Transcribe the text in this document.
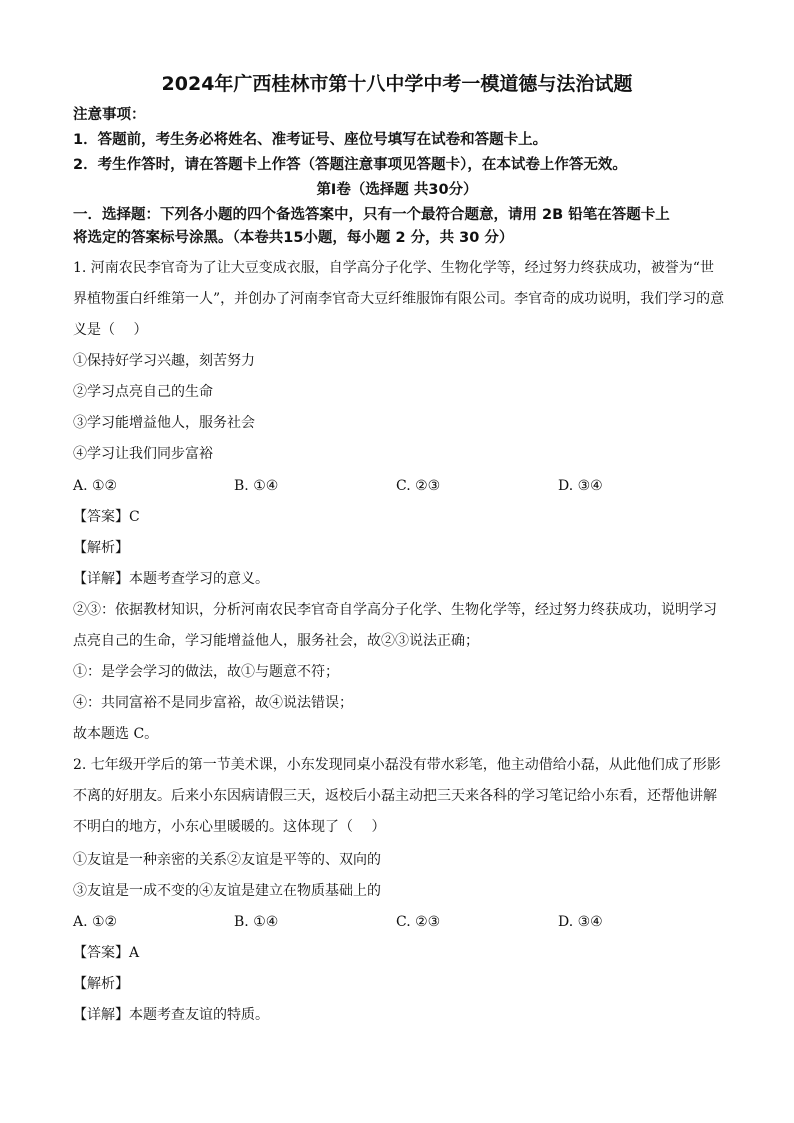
2024年广西桂林市第十八中学中考一模道德与法治试题
注意事项：
1．答题前，考生务必将姓名、准考证号、座位号填写在试卷和答题卡上。
2．考生作答时，请在答题卡上作答（答题注意事项见答题卡），在本试卷上作答无效。
第Ⅰ卷（选择题 共30分）
一．选择题：下列各小题的四个备选答案中，只有一个最符合题意，请用 2B 铅笔在答题卡上
将选定的答案标号涂黑。（本卷共15小题，每小题 2 分，共 30 分）
1. 河南农民李官奇为了让大豆变成衣服，自学高分子化学、生物化学等，经过努力终获成功，被誉为“世
界植物蛋白纤维第一人”，并创办了河南李官奇大豆纤维服饰有限公司。李官奇的成功说明，我们学习的意
义是（　 ）
①保持好学习兴趣，刻苦努力
②学习点亮自己的生命
③学习能增益他人，服务社会
④学习让我们同步富裕
A. ①②	B. ①④	C. ②③	D. ③④
【答案】C
【解析】
【详解】本题考查学习的意义。
②③：依据教材知识，分析河南农民李官奇自学高分子化学、生物化学等，经过努力终获成功，说明学习
点亮自己的生命，学习能增益他人，服务社会，故②③说法正确；
①：是学会学习的做法，故①与题意不符；
④：共同富裕不是同步富裕，故④说法错误；
故本题选 C。
2. 七年级开学后的第一节美术课，小东发现同桌小磊没有带水彩笔，他主动借给小磊，从此他们成了形影
不离的好朋友。后来小东因病请假三天，返校后小磊主动把三天来各科的学习笔记给小东看，还帮他讲解
不明白的地方，小东心里暖暖的。这体现了（　 ）
①友谊是一种亲密的关系②友谊是平等的、双向的
③友谊是一成不变的④友谊是建立在物质基础上的
A. ①②	B. ①④	C. ②③	D. ③④
【答案】A
【解析】
【详解】本题考查友谊的特质。
